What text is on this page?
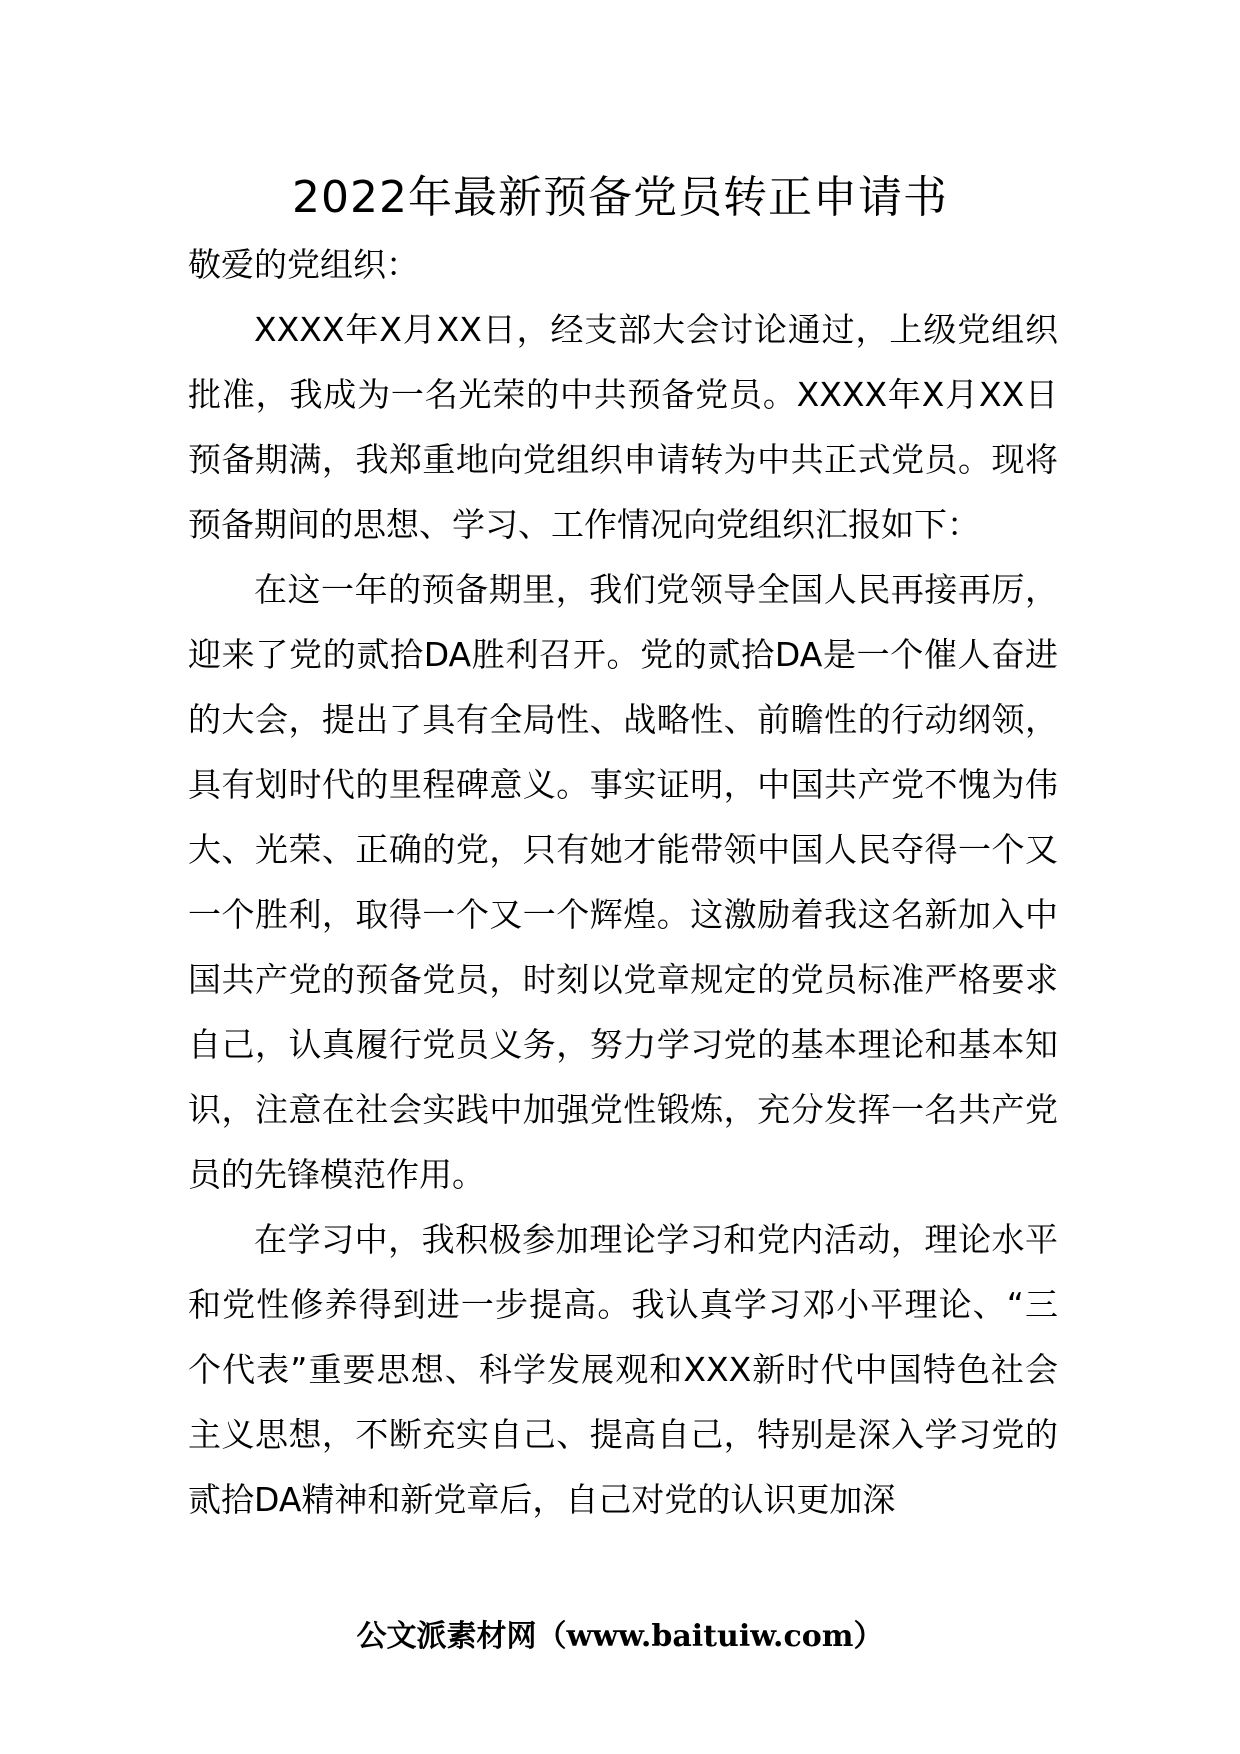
2022年最新预备党员转正申请书

敬爱的党组织：

XXXX年X月XX日，经支部大会讨论通过，上级党组织批准，我成为一名光荣的中共预备党员。XXXX年X月XX日预备期满，我郑重地向党组织申请转为中共正式党员。现将预备期间的思想、学习、工作情况向党组织汇报如下：

在这一年的预备期里，我们党领导全国人民再接再厉，迎来了党的贰拾DA胜利召开。党的贰拾DA是一个催人奋进的大会，提出了具有全局性、战略性、前瞻性的行动纲领，具有划时代的里程碑意义。事实证明，中国共产党不愧为伟大、光荣、正确的党，只有她才能带领中国人民夺得一个又一个胜利，取得一个又一个辉煌。这激励着我这名新加入中国共产党的预备党员，时刻以党章规定的党员标准严格要求自己，认真履行党员义务，努力学习党的基本理论和基本知识，注意在社会实践中加强党性锻炼，充分发挥一名共产党员的先锋模范作用。

在学习中，我积极参加理论学习和党内活动，理论水平和党性修养得到进一步提高。我认真学习邓小平理论、“三个代表”重要思想、科学发展观和XXX新时代中国特色社会主义思想，不断充实自己、提高自己，特别是深入学习党的贰拾DA精神和新党章后，自己对党的认识更加深

公文派素材网（www.baituiw.com）
